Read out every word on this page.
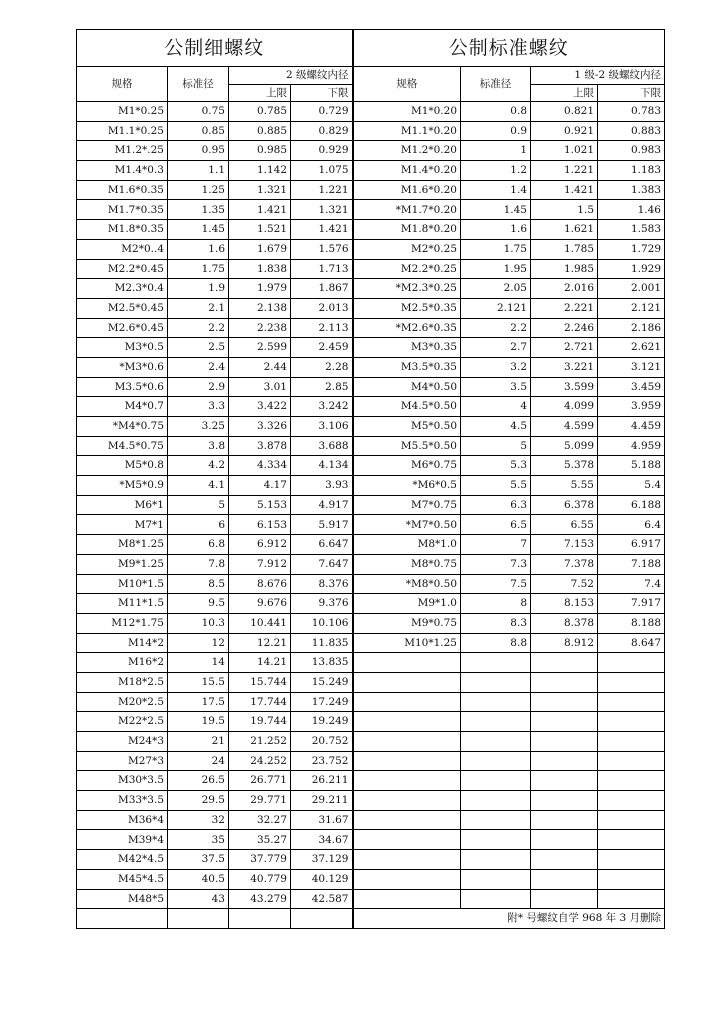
公制细螺纹				公制标准螺纹			
规格	标准径	2 级螺纹内径		规格	标准径	1 级-2 级螺纹内径	
		上限	下限			上限	下限
M1*0.25	0.75	0.785	0.729	M1*0.20	0.8	0.821	0.783
M1.1*0.25	0.85	0.885	0.829	M1.1*0.20	0.9	0.921	0.883
M1.2*.25	0.95	0.985	0.929	M1.2*0.20	1	1.021	0.983
M1.4*0.3	1.1	1.142	1.075	M1.4*0.20	1.2	1.221	1.183
M1.6*0.35	1.25	1.321	1.221	M1.6*0.20	1.4	1.421	1.383
M1.7*0.35	1.35	1.421	1.321	*M1.7*0.20	1.45	1.5	1.46
M1.8*0.35	1.45	1.521	1.421	M1.8*0.20	1.6	1.621	1.583
M2*0..4	1.6	1.679	1.576	M2*0.25	1.75	1.785	1.729
M2.2*0.45	1.75	1.838	1.713	M2.2*0.25	1.95	1.985	1.929
M2.3*0.4	1.9	1.979	1.867	*M2.3*0.25	2.05	2.016	2.001
M2.5*0.45	2.1	2.138	2.013	M2.5*0.35	2.121	2.221	2.121
M2.6*0.45	2.2	2.238	2.113	*M2.6*0.35	2.2	2.246	2.186
M3*0.5	2.5	2.599	2.459	M3*0.35	2.7	2.721	2.621
*M3*0.6	2.4	2.44	2.28	M3.5*0.35	3.2	3.221	3.121
M3.5*0.6	2.9	3.01	2.85	M4*0.50	3.5	3.599	3.459
M4*0.7	3.3	3.422	3.242	M4.5*0.50	4	4.099	3.959
*M4*0.75	3.25	3.326	3.106	M5*0.50	4.5	4.599	4.459
M4.5*0.75	3.8	3.878	3.688	M5.5*0.50	5	5.099	4.959
M5*0.8	4.2	4.334	4.134	M6*0.75	5.3	5.378	5.188
*M5*0.9	4.1	4.17	3.93	*M6*0.5	5.5	5.55	5.4
M6*1	5	5.153	4.917	M7*0.75	6.3	6.378	6.188
M7*1	6	6.153	5.917	*M7*0.50	6.5	6.55	6.4
M8*1.25	6.8	6.912	6.647	M8*1.0	7	7.153	6.917
M9*1.25	7.8	7.912	7.647	M8*0.75	7.3	7.378	7.188
M10*1.5	8.5	8.676	8.376	*M8*0.50	7.5	7.52	7.4
M11*1.5	9.5	9.676	9.376	M9*1.0	8	8.153	7.917
M12*1.75	10.3	10.441	10.106	M9*0.75	8.3	8.378	8.188
M14*2	12	12.21	11.835	M10*1.25	8.8	8.912	8.647
M16*2	14	14.21	13.835				
M18*2.5	15.5	15.744	15.249				
M20*2.5	17.5	17.744	17.249				
M22*2.5	19.5	19.744	19.249				
M24*3	21	21.252	20.752				
M27*3	24	24.252	23.752				
M30*3.5	26.5	26.771	26.211				
M33*3.5	29.5	29.771	29.211				
M36*4	32	32.27	31.67				
M39*4	35	35.27	34.67				
M42*4.5	37.5	37.779	37.129				
M45*4.5	40.5	40.779	40.129				
M48*5	43	43.279	42.587				
				附* 号螺纹自学 968 年 3 月删除			
